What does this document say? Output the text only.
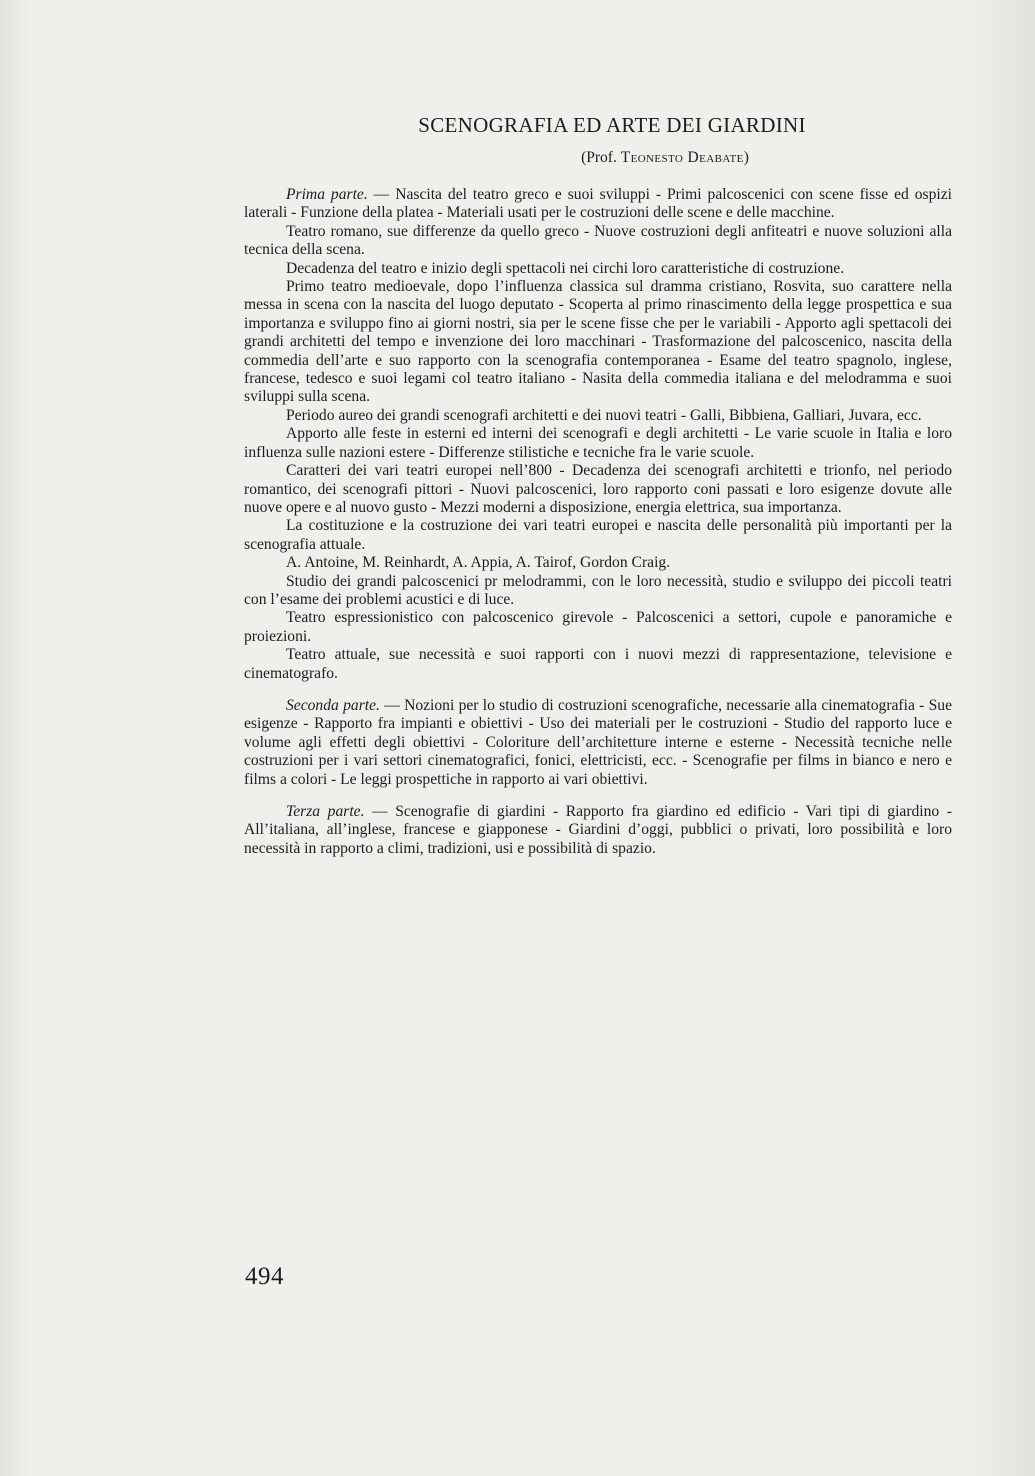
SCENOGRAFIA ED ARTE DEI GIARDINI
(Prof. Teonesto Deabate)

Prima parte. — Nascita del teatro greco e suoi sviluppi - Primi palcoscenici con scene fisse ed ospizi laterali - Funzione della platea - Materiali usati per le costruzioni delle scene e delle macchine.

Teatro romano, sue differenze da quello greco - Nuove costruzioni degli anfiteatri e nuove soluzioni alla tecnica della scena.

Decadenza del teatro e inizio degli spettacoli nei circhi loro caratteristiche di costruzione.

Primo teatro medioevale, dopo l’influenza classica sul dramma cristiano, Rosvita, suo carattere nella messa in scena con la nascita del luogo deputato - Scoperta al primo rinascimento della legge prospettica e sua importanza e sviluppo fino ai giorni nostri, sia per le scene fisse che per le variabili - Apporto agli spettacoli dei grandi architetti del tempo e invenzione dei loro macchinari - Trasformazione del palcoscenico, nascita della commedia dell’arte e suo rapporto con la scenografia contemporanea - Esame del teatro spagnolo, inglese, francese, tedesco e suoi legami col teatro italiano - Nasita della commedia italiana e del melodramma e suoi sviluppi sulla scena.

Periodo aureo dei grandi scenografi architetti e dei nuovi teatri - Galli, Bibbiena, Galliari, Juvara, ecc.

Apporto alle feste in esterni ed interni dei scenografi e degli architetti - Le varie scuole in Italia e loro influenza sulle nazioni estere - Differenze stilistiche e tecniche fra le varie scuole.

Caratteri dei vari teatri europei nell’800 - Decadenza dei scenografi architetti e trionfo, nel periodo romantico, dei scenografi pittori - Nuovi palcoscenici, loro rapporto coni passati e loro esigenze dovute alle nuove opere e al nuovo gusto - Mezzi moderni a disposizione, energia elettrica, sua importanza.

La costituzione e la costruzione dei vari teatri europei e nascita delle personalità più importanti per la scenografia attuale.

A. Antoine, M. Reinhardt, A. Appia, A. Tairof, Gordon Craig.

Studio dei grandi palcoscenici pr melodrammi, con le loro necessità, studio e sviluppo dei piccoli teatri con l’esame dei problemi acustici e di luce.

Teatro espressionistico con palcoscenico girevole - Palcoscenici a settori, cupole e panoramiche e proiezioni.

Teatro attuale, sue necessità e suoi rapporti con i nuovi mezzi di rappresentazione, televisione e cinematografo.

Seconda parte. — Nozioni per lo studio di costruzioni scenografiche, necessarie alla cinematografia - Sue esigenze - Rapporto fra impianti e obiettivi - Uso dei materiali per le costruzioni - Studio del rapporto luce e volume agli effetti degli obiettivi - Coloriture dell’architetture interne e esterne - Necessità tecniche nelle costruzioni per i vari settori cinematografici, fonici, elettricisti, ecc. - Scenografie per films in bianco e nero e films a colori - Le leggi prospettiche in rapporto ai vari obiettivi.

Terza parte. — Scenografie di giardini - Rapporto fra giardino ed edificio - Vari tipi di giardino - All’italiana, all’inglese, francese e giapponese - Giardini d’oggi, pubblici o privati, loro possibilità e loro necessità in rapporto a climi, tradizioni, usi e possibilità di spazio.

494
